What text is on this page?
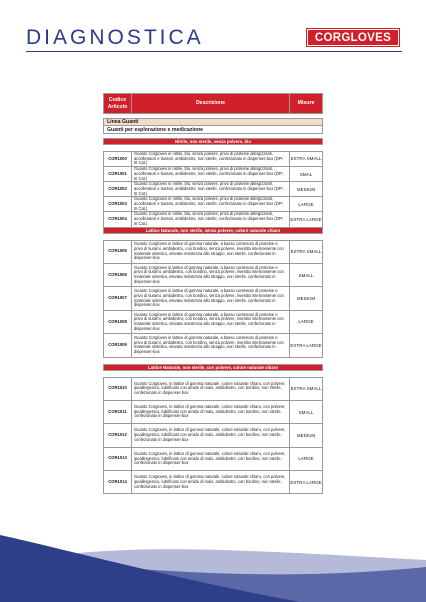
DIAGNOSTICA	CORGLOVES
Codice Articolo	Descrizione	Misure

Linea Guanti		
Guanti per esplorazione e medicazione		

Nitrile, non sterile, senza polvere, blu		

COR1000	Guanto Corgloves in nitrile, blu, senza polvere, privo di proteine allergizzanti, accelleratori e tiurami, ambidestro, non sterile, confezionato in dispenser-box (DPI III Cat.)	EXTRA SMALL
COR1001	Guanto Corgloves in nitrile, blu, senza polvere, privo di proteine allergizzanti, accelleratori e tiurami, ambidestro, non sterile, confezionato in dispenser-box (DPI III Cat.)	SMAL
COR1002	Guanto Corgloves in nitrile, blu, senza polvere, privo di proteine allergizzanti, accelleratori e tiurami, ambidestro, non sterile, confezionato in dispenser-box (DPI III Cat.)	MEDIUM
COR1003	Guanto Corgloves in nitrile, blu, senza polvere, privo di proteine allergizzanti, accelleratori e tiurami, ambidestro, non sterile, confezionato in dispenser-box (DPI III Cat.)	LARGE
COR1004	Guanto Corgloves in nitrile, blu, senza polvere, privo di proteine allergizzanti, accelleratori e tiurami, ambidestro, non sterile, confezionato in dispenser-box (DPI III Cat.)	EXTRA LARGE
Lattice Naturale, non sterile, senza polvere, colore naturale chiaro		

COR1005	Guanto Corgloves in lattice di gomma naturale, a basso contenuto di proteine e privo di tiurami, ambidestro, con bordino, senza polvere, rivestito internamente con materiale sintetico, elevata resistenza allo strappo, non sterile, confezionato in dispenser-box	EXTRA SMALL
COR1006	Guanto Corgloves in lattice di gomma naturale, a basso contenuto di proteine e privo di tiurami, ambidestro, con bordino, senza polvere, rivestito internamente con materiale sintetico, elevata resistenza allo strappo, non sterile, confezionato in dispenser-box	SMALL
COR1007	Guanto Corgloves in lattice di gomma naturale, a basso contenuto di proteine e privo di tiurami, ambidestro, con bordino, senza polvere, rivestito internamente con materiale sintetico, elevata resistenza allo strappo, non sterile, confezionato in dispenser-box	MEDIUM
COR1008	Guanto Corgloves in lattice di gomma naturale, a basso contenuto di proteine e privo di tiurami, ambidestro, con bordino, senza polvere, rivestito internamente con materiale sintetico, elevata resistenza allo strappo, non sterile, confezionato in dispenser-box	LARGE
COR1009	Guanto Corgloves in lattice di gomma naturale, a basso contenuto di proteine e privo di tiurami, ambidestro, con bordino, senza polvere, rivestito internamente con materiale sintetico, elevata resistenza allo strappo, non sterile, confezionato in dispenser-box	EXTRA LARGE

Lattice Naturale, non sterile, con polvere, colore naturale chiaro		

COR1010	Guanto Corgloves, in lattice di gomma naturale, colore naturale chiaro, con polvere, ipoallergenico, lubrificato con amido di mais, ambidestro, con bordino, non sterile, confezionato in dispenser-box	EXTRA SMALL
COR1011	Guanto Corgloves, in lattice di gomma naturale, colore naturale chiaro, con polvere, ipoallergenico, lubrificato con amido di mais, ambidestro, con bordino, non sterile, confezionato in dispenser-box	SMALL
COR1012	Guanto Corgloves, in lattice di gomma naturale, colore naturale chiaro, con polvere, ipoallergenico, lubrificato con amido di mais, ambidestro, con bordino, non sterile, confezionato in dispenser-box	MEDIUM
COR1013	Guanto Corgloves, in lattice di gomma naturale, colore naturale chiaro, con polvere, ipoallergenico, lubrificato con amido di mais, ambidestro, con bordino, non sterile, confezionato in dispenser-box	LARGE
COR1014	Guanto Corgloves, in lattice di gomma naturale, colore naturale chiaro, con polvere, ipoallergenico, lubrificato con amido di mais, ambidestro, con bordino, non sterile, confezionato in dispenser-box	EXTRA LARGE
